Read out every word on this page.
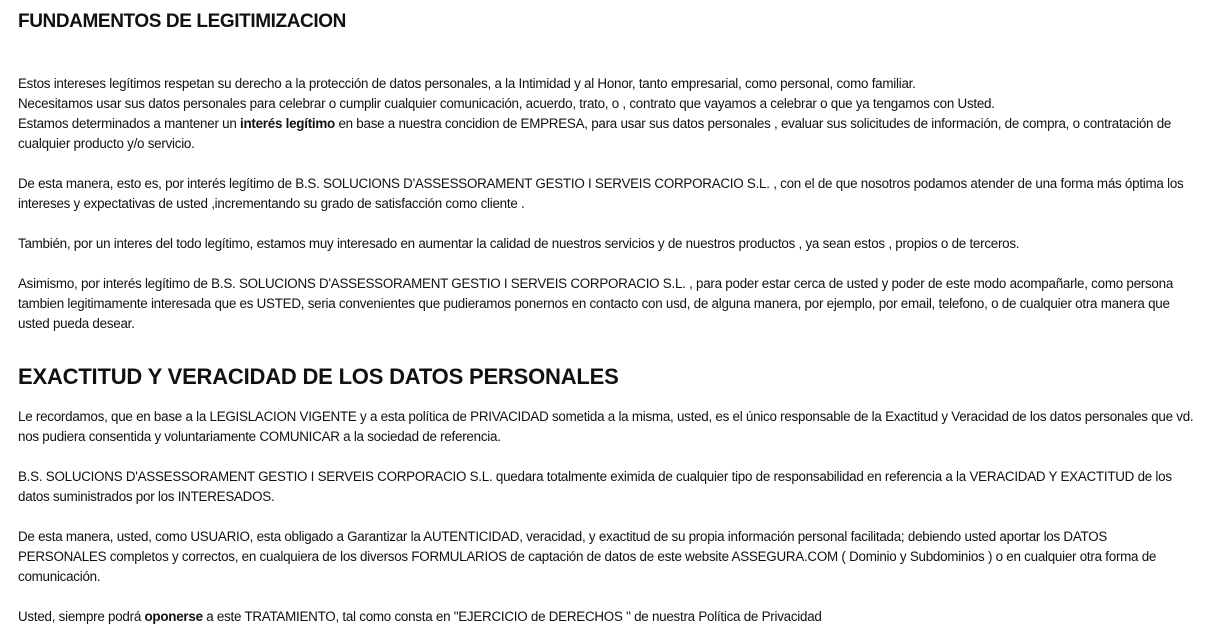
FUNDAMENTOS DE LEGITIMIZACION

Estos intereses legítimos respetan su derecho a la protección de datos personales, a la Intimidad y al Honor, tanto empresarial, como personal, como familiar.
Necesitamos usar sus datos personales para celebrar o cumplir cualquier comunicación, acuerdo, trato, o , contrato que vayamos a celebrar o que ya tengamos con Usted.
Estamos determinados a mantener un interés legítimo en base a nuestra concidion de EMPRESA, para usar sus datos personales , evaluar sus solicitudes de información, de compra, o contratación de cualquier producto y/o servicio.

De esta manera, esto es, por interés legítimo de B.S. SOLUCIONS D'ASSESSORAMENT GESTIO I SERVEIS CORPORACIO S.L. , con el de que nosotros podamos atender de una forma más óptima los intereses y expectativas de usted ,incrementando su grado de satisfacción como cliente .

También, por un interes del todo legítimo, estamos muy interesado en aumentar la calidad de nuestros servicios y de nuestros productos , ya sean estos , propios o de terceros.

Asimismo, por interés legítimo de B.S. SOLUCIONS D'ASSESSORAMENT GESTIO I SERVEIS CORPORACIO S.L. , para poder estar cerca de usted y poder de este modo acompañarle, como persona tambien legitimamente interesada que es USTED, seria convenientes que pudieramos ponernos en contacto con usd, de alguna manera, por ejemplo, por email, telefono, o de cualquier otra manera que usted pueda desear.

EXACTITUD Y VERACIDAD DE LOS DATOS PERSONALES

Le recordamos, que en base a la LEGISLACION VIGENTE y a esta política de PRIVACIDAD sometida a la misma, usted, es el único responsable de la Exactitud y Veracidad de los datos personales que vd. nos pudiera consentida y voluntariamente COMUNICAR a la sociedad de referencia.

B.S. SOLUCIONS D'ASSESSORAMENT GESTIO I SERVEIS CORPORACIO S.L. quedara totalmente eximida de cualquier tipo de responsabilidad en referencia a la VERACIDAD Y EXACTITUD de los datos suministrados por los INTERESADOS.

De esta manera, usted, como USUARIO, esta obligado a Garantizar la AUTENTICIDAD, veracidad, y exactitud de su propia información personal facilitada; debiendo usted aportar los DATOS PERSONALES completos y correctos, en cualquiera de los diversos FORMULARIOS de captación de datos de este website ASSEGURA.COM ( Dominio y Subdominios ) o en cualquier otra forma de comunicación.

Usted, siempre podrá oponerse a este TRATAMIENTO, tal como consta en "EJERCICIO de DERECHOS " de nuestra Política de Privacidad
